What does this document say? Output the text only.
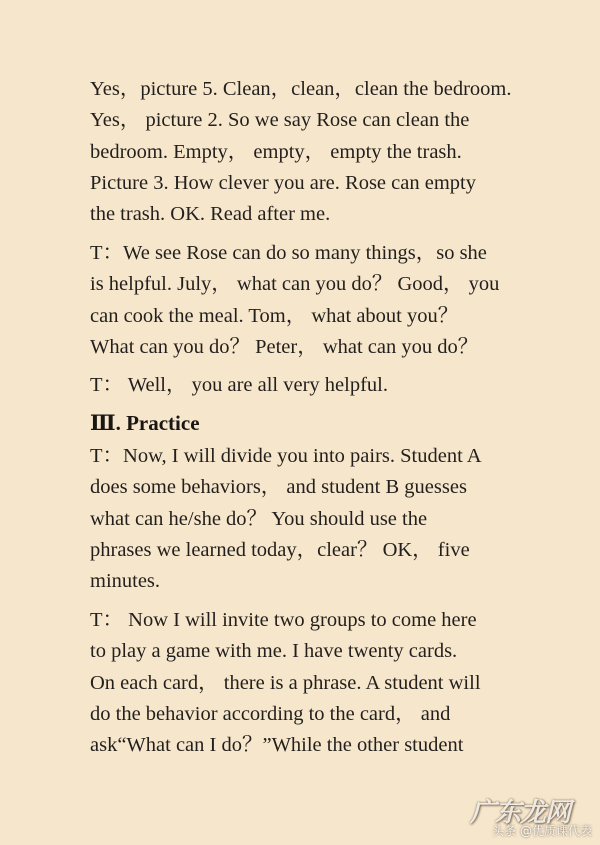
Yes，picture 5. Clean，clean，clean the bedroom.
Yes， picture 2. So we say Rose can clean the
bedroom. Empty， empty， empty the trash.
Picture 3. How clever you are. Rose can empty
the trash. OK. Read after me.
T：We see Rose can do so many things，so she
is helpful. July， what can you do？ Good， you
can cook the meal. Tom， what about you？
What can you do？ Peter， what can you do？
T： Well， you are all very helpful.
Ⅲ. Practice
T：Now, I will divide you into pairs. Student A
does some behaviors， and student B guesses
what can he/she do？ You should use the
phrases we learned today，clear？ OK， five
minutes.
T： Now I will invite two groups to come here
to play a game with me. I have twenty cards.
On each card， there is a phrase. A student will
do the behavior according to the card， and
ask“What can I do？”While the other student
广东龙网
头条 @优质课代表
